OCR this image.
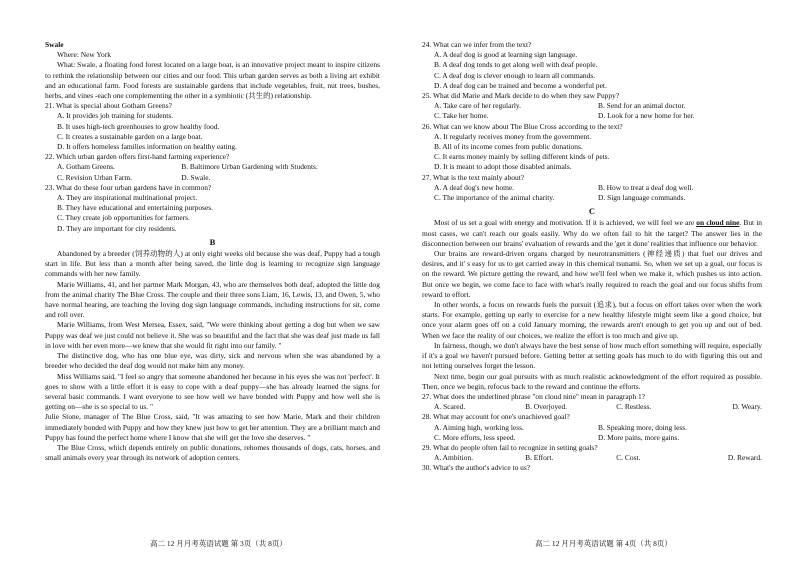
Swale

Where: New York

What: Swale, a floating food forest located on a large boat, is an innovative project meant to inspire citizens to rethink the relationship between our cities and our food. This urban garden serves as both a living art exhibit and an educational farm. Food forests are sustainable gardens that include vegetables, fruit, nut trees, bushes, herbs, and vines -each one complementing the other in a symbiotic (共生的) relationship.

21. What is special about Gotham Greens?

A. It provides job training for students.

B. It uses high-tech greenhouses to grow healthy food.

C. It creates a sustainable garden on a large boat.

D. It offers homeless families information on healthy eating.

22. Which urban garden offers first-hand farming experience?

A. Gotham Greens.	B. Baltimore Urban Gardening with Students.
C. Revision Urban Farm.	D. Swale.

23. What do these four urban gardens have in common?

A. They are inspirational multinational project.

B. They have educational and entertaining purposes.

C. They create job opportunities for farmers.

D. They are important for city residents.

B

Abandoned by a breeder (饲养动物的人) at only eight weeks old because she was deaf, Puppy had a tough start in life. But less than a month after being saved, the little dog is learning to recognize sign language commands with her new family.

Marie Williams, 41, and her partner Mark Morgan, 43, who are themselves both deaf, adopted the little dog from the animal charity The Blue Cross. The couple and their three sons Liam, 16, Lewis, 13, and Owen, 5, who have normal hearing, are teaching the loving dog sign language commands, including instructions for sit, come and roll over.

Marie Williams, from West Mersea, Essex, said, "We were thinking about getting a dog but when we saw Puppy was deaf we just could not believe it. She was so beautiful and the fact that she was deaf just made us fall in love with her even more—we knew that she would fit right into our family. "

The distinctive dog, who has one blue eye, was dirty, sick and nervous when she was abandoned by a breeder who decided the deaf dog would not make him any money.

Miss Williams said, "I feel so angry that someone abandoned her because in his eyes she was not 'perfect'. It goes to show with a little effort it is easy to cope with a deaf puppy—she has already learned the signs for several basic commands. I want everyone to see how well we have bonded with Puppy and how well she is getting on—she is so special to us. "

Julie Stone, manager of The Blue Cross, said, "It was amazing to see how Marie, Mark and their children immediately bonded with Puppy and how they knew just how to get her attention. They are a brilliant match and Puppy has found the perfect home where I know that she will get the love she deserves. "

The Blue Cross, which depends entirely on public donations, rehomes thousands of dogs, cats, horses, and small animals every year through its network of adoption centers.

24. What can we infer from the text?

A. A deaf dog is good at learning sign language.

B. A deaf dog tends to get along well with deaf people.

C. A deaf dog is clever enough to learn all commands.

D. A deaf dog can be trained and become a wonderful pet.

25. What did Marie and Mark decide to do when they saw Puppy?

A. Take care of her regularly.	B. Send for an animal doctor.
C. Take her home.	D. Look for a new home for her.

26. What can we know about The Blue Cross according to the text?

A. It regularly receives money from the government.

B. All of its income comes from public donations.

C. It earns money mainly by selling different kinds of pets.

D. It is meant to adopt those disabled animals.

27. What is the text mainly about?

A. A deaf dog's new home.	B. How to treat a deaf dog well.
C. The importance of the animal charity.	D. Sign language commands.

C

Most of us set a goal with energy and motivation. If it is achieved, we will feel we are on cloud nine. But in most cases, we can't reach our goals easily. Why do we often fail to hit the target? The answer lies in the disconnection between our brains' evaluation of rewards and the 'get it done' realities that influence our behavior.

Our brains are reward-driven organs charged by neurotransmitters (神经递质) that fuel our drives and desires, and it' s easy for us to get carried away in this chemical tsunami. So, when we set up a goal, our focus is on the reward. We picture getting the reward, and how we'll feel when we make it, which pushes us into action. But once we begin, we come face to face with what's really required to reach the goal and our focus shifts from reward to effort.

In other words, a focus on rewards fuels the pursuit (追求), but a focus on effort takes over when the work starts. For example, getting up early to exercise for a new healthy lifestyle might seem like a good choice, but once your alarm goes off on a cold January morning, the rewards aren't enough to get you up and out of bed. When we face the reality of our choices, we realize the effort is too much and give up.

In fairness, though, we don't always have the best sense of how much effort something will require, especially if it's a goal we haven't pursued before. Getting better at setting goals has much to do with figuring this out and not letting ourselves forget the lesson.

Next time, begin our goal pursuits with as much realistic acknowledgment of the effort required as possible. Then, once we begin, refocus back to the reward and continue the efforts.

27. What does the underlined phrase "on cloud nine" mean in paragraph 1?

A. Scared.	B. Overjoyed.	C. Restless.	D. Weary.

28. What may account for one's unachieved goal?

A. Aiming high, working less.	B. Speaking more, doing less.
C. More efforts, less speed.	D. More pains, more gains.

29. What do people often fail to recognize in setting goals?

A. Ambition.	B. Effort.	C. Cost.	D. Reward.

30. What's the author's advice to us?

高二 12 月月考英语试题 第 3页（共 8页）	高二 12 月月考英语试题 第 4页（共 8页）
